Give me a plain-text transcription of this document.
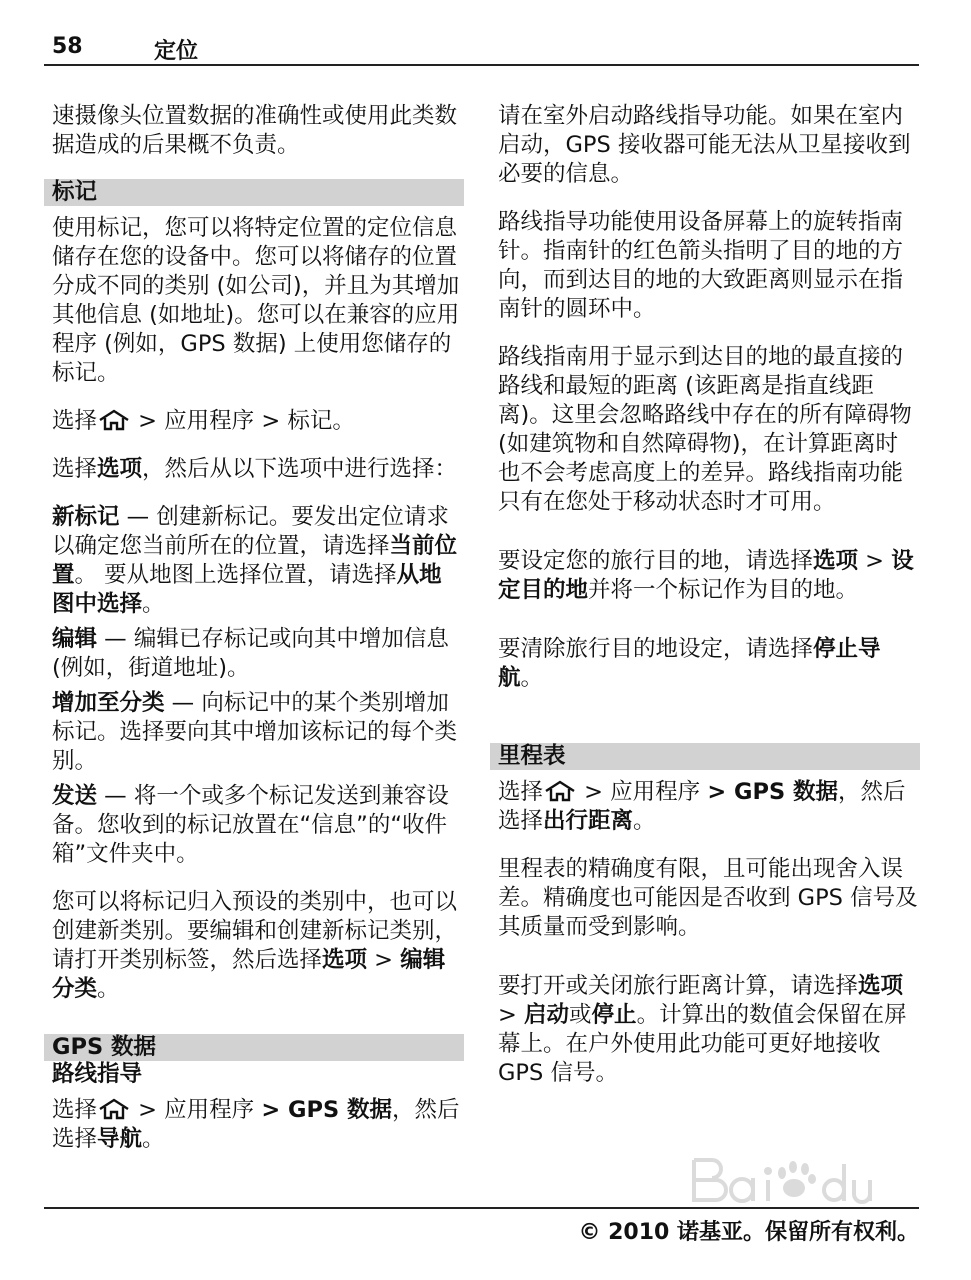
58	定位

速摄像头位置数据的准确性或使用此类数据造成的后果概不负责。

标记

使用标记，您可以将特定位置的定位信息储存在您的设备中。您可以将储存的位置分成不同的类别 (如公司)，并且为其增加其他信息 (如地址)。您可以在兼容的应用程序 (例如，GPS 数据) 上使用您储存的标记。

选择 > 应用程序 > 标记。

选择选项，然后从以下选项中进行选择：

新标记 — 创建新标记。要发出定位请求以确定您当前所在的位置，请选择当前位置。 要从地图上选择位置，请选择从地图中选择。

编辑 — 编辑已存标记或向其中增加信息 (例如，街道地址)。

增加至分类 — 向标记中的某个类别增加标记。选择要向其中增加该标记的每个类别。

发送 — 将一个或多个标记发送到兼容设备。您收到的标记放置在“信息”的“收件箱”文件夹中。

您可以将标记归入预设的类别中，也可以创建新类别。要编辑和创建新标记类别，请打开类别标签，然后选择选项 > 编辑分类。

GPS 数据
路线指导

选择 > 应用程序 > GPS 数据，然后选择导航。

请在室外启动路线指导功能。如果在室内启动，GPS 接收器可能无法从卫星接收到必要的信息。

路线指导功能使用设备屏幕上的旋转指南针。指南针的红色箭头指明了目的地的方向，而到达目的地的大致距离则显示在指南针的圆环中。

路线指南用于显示到达目的地的最直接的路线和最短的距离 (该距离是指直线距离)。这里会忽略路线中存在的所有障碍物 (如建筑物和自然障碍物)，在计算距离时也不会考虑高度上的差异。路线指南功能只有在您处于移动状态时才可用。

要设定您的旅行目的地，请选择选项 > 设定目的地并将一个标记作为目的地。

要清除旅行目的地设定，请选择停止导航。

里程表

选择 > 应用程序 > GPS 数据，然后选择出行距离。

里程表的精确度有限，且可能出现舍入误差。精确度也可能因是否收到 GPS 信号及其质量而受到影响。

要打开或关闭旅行距离计算，请选择选项 > 启动或停止。计算出的数值会保留在屏幕上。在户外使用此功能可更好地接收 GPS 信号。

© 2010 诺基亚。保留所有权利。
